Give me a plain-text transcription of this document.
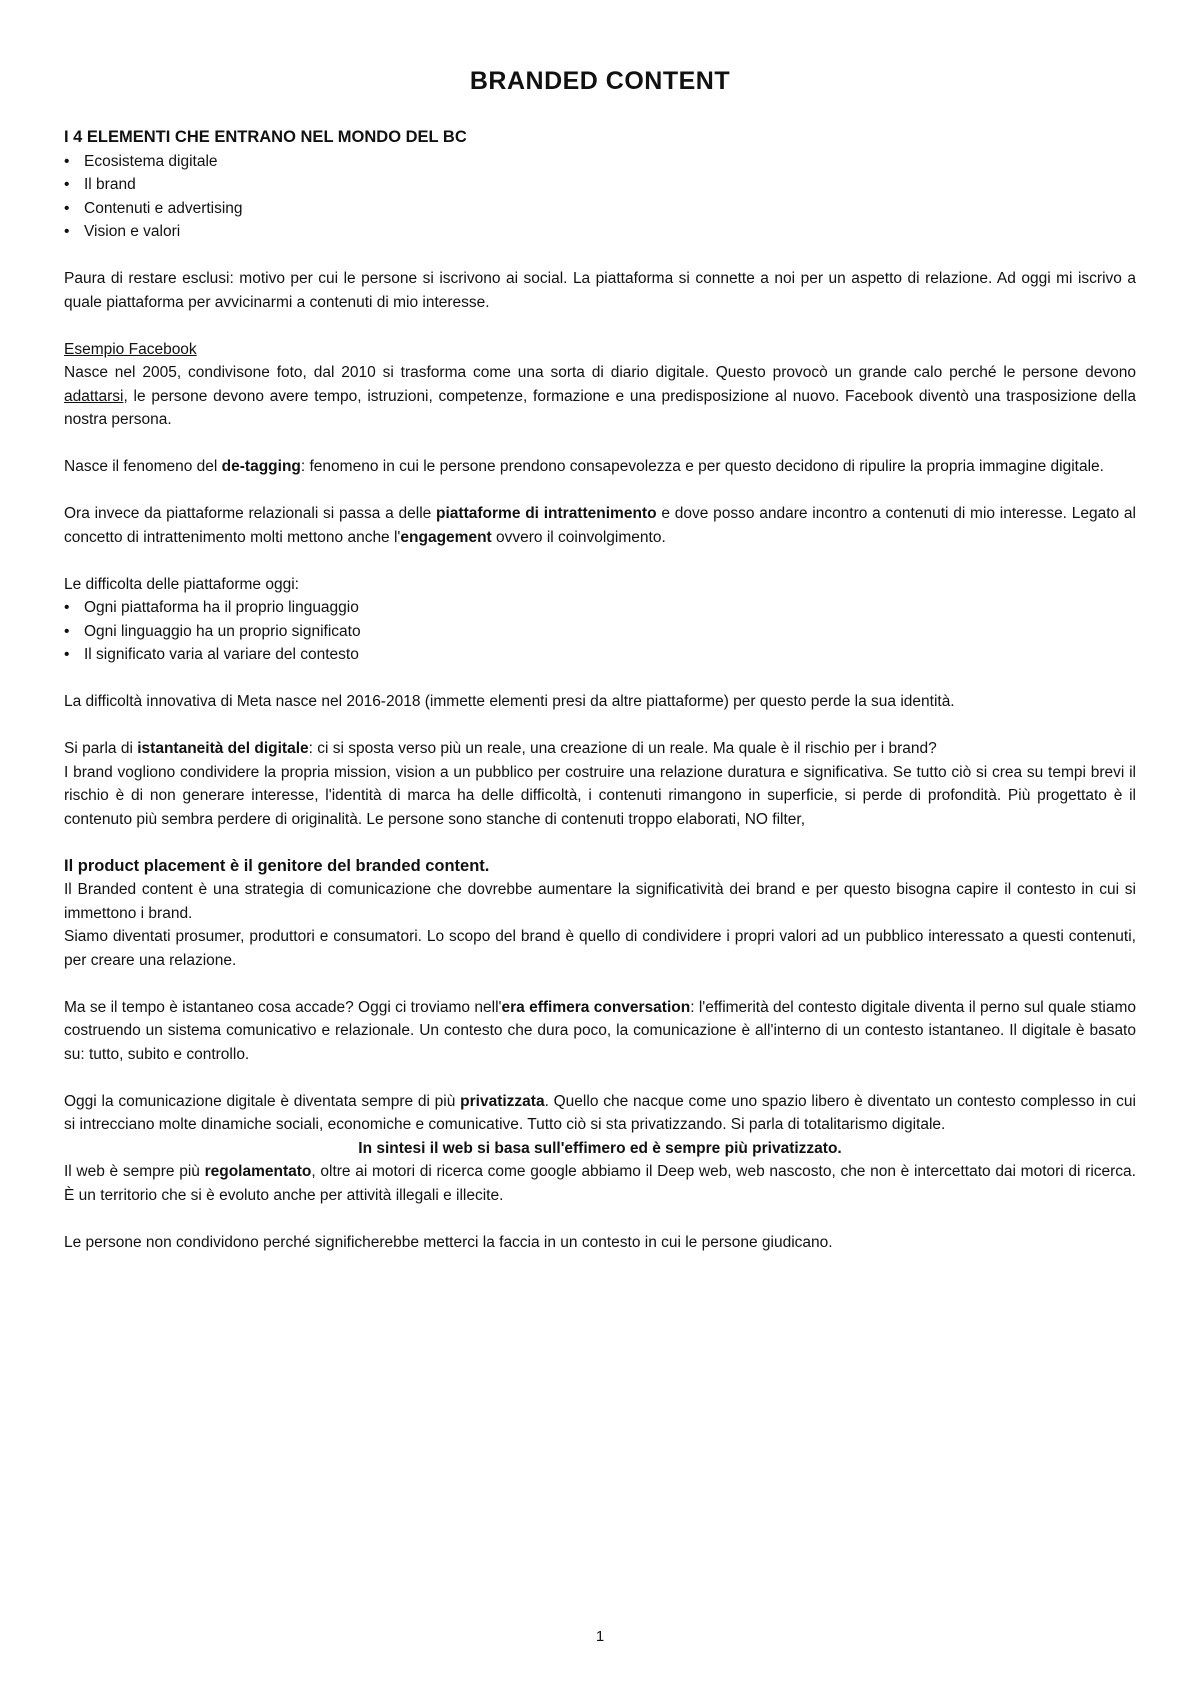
BRANDED CONTENT

I 4 ELEMENTI CHE ENTRANO NEL MONDO DEL BC

• Ecosistema digitale
• Il brand
• Contenuti e advertising
• Vision e valori

Paura di restare esclusi: motivo per cui le persone si iscrivono ai social. La piattaforma si connette a noi per un aspetto di relazione. Ad oggi mi iscrivo a quale piattaforma per avvicinarmi a contenuti di mio interesse.

Esempio Facebook

Nasce nel 2005, condivisone foto, dal 2010 si trasforma come una sorta di diario digitale. Questo provocò un grande calo perché le persone devono adattarsi, le persone devono avere tempo, istruzioni, competenze, formazione e una predisposizione al nuovo. Facebook diventò una trasposizione della nostra persona.

Nasce il fenomeno del de-tagging: fenomeno in cui le persone prendono consapevolezza e per questo decidono di ripulire la propria immagine digitale.

Ora invece da piattaforme relazionali si passa a delle piattaforme di intrattenimento e dove posso andare incontro a contenuti di mio interesse. Legato al concetto di intrattenimento molti mettono anche l'engagement ovvero il coinvolgimento.

Le difficolta delle piattaforme oggi:

• Ogni piattaforma ha il proprio linguaggio
• Ogni linguaggio ha un proprio significato
• Il significato varia al variare del contesto

La difficoltà innovativa di Meta nasce nel 2016-2018 (immette elementi presi da altre piattaforme) per questo perde la sua identità.

Si parla di istantaneità del digitale: ci si sposta verso più un reale, una creazione di un reale. Ma quale è il rischio per i brand?

I brand vogliono condividere la propria mission, vision a un pubblico per costruire una relazione duratura e significativa. Se tutto ciò si crea su tempi brevi il rischio è di non generare interesse, l'identità di marca ha delle difficoltà, i contenuti rimangono in superficie, si perde di profondità. Più progettato è il contenuto più sembra perdere di originalità. Le persone sono stanche di contenuti troppo elaborati, NO filter,

Il product placement è il genitore del branded content.

Il Branded content è una strategia di comunicazione che dovrebbe aumentare la significatività dei brand e per questo bisogna capire il contesto in cui si immettono i brand.

Siamo diventati prosumer, produttori e consumatori. Lo scopo del brand è quello di condividere i propri valori ad un pubblico interessato a questi contenuti, per creare una relazione.

Ma se il tempo è istantaneo cosa accade? Oggi ci troviamo nell'era effimera conversation: l'effimerità del contesto digitale diventa il perno sul quale stiamo costruendo un sistema comunicativo e relazionale. Un contesto che dura poco, la comunicazione è all'interno di un contesto istantaneo. Il digitale è basato su: tutto, subito e controllo.

Oggi la comunicazione digitale è diventata sempre di più privatizzata. Quello che nacque come uno spazio libero è diventato un contesto complesso in cui si intrecciano molte dinamiche sociali, economiche e comunicative. Tutto ciò si sta privatizzando. Si parla di totalitarismo digitale.

In sintesi il web si basa sull'effimero ed è sempre più privatizzato.

Il web è sempre più regolamentato, oltre ai motori di ricerca come google abbiamo il Deep web, web nascosto, che non è intercettato dai motori di ricerca. È un territorio che si è evoluto anche per attività illegali e illecite.

Le persone non condividono perché significherebbe metterci la faccia in un contesto in cui le persone giudicano.

1
